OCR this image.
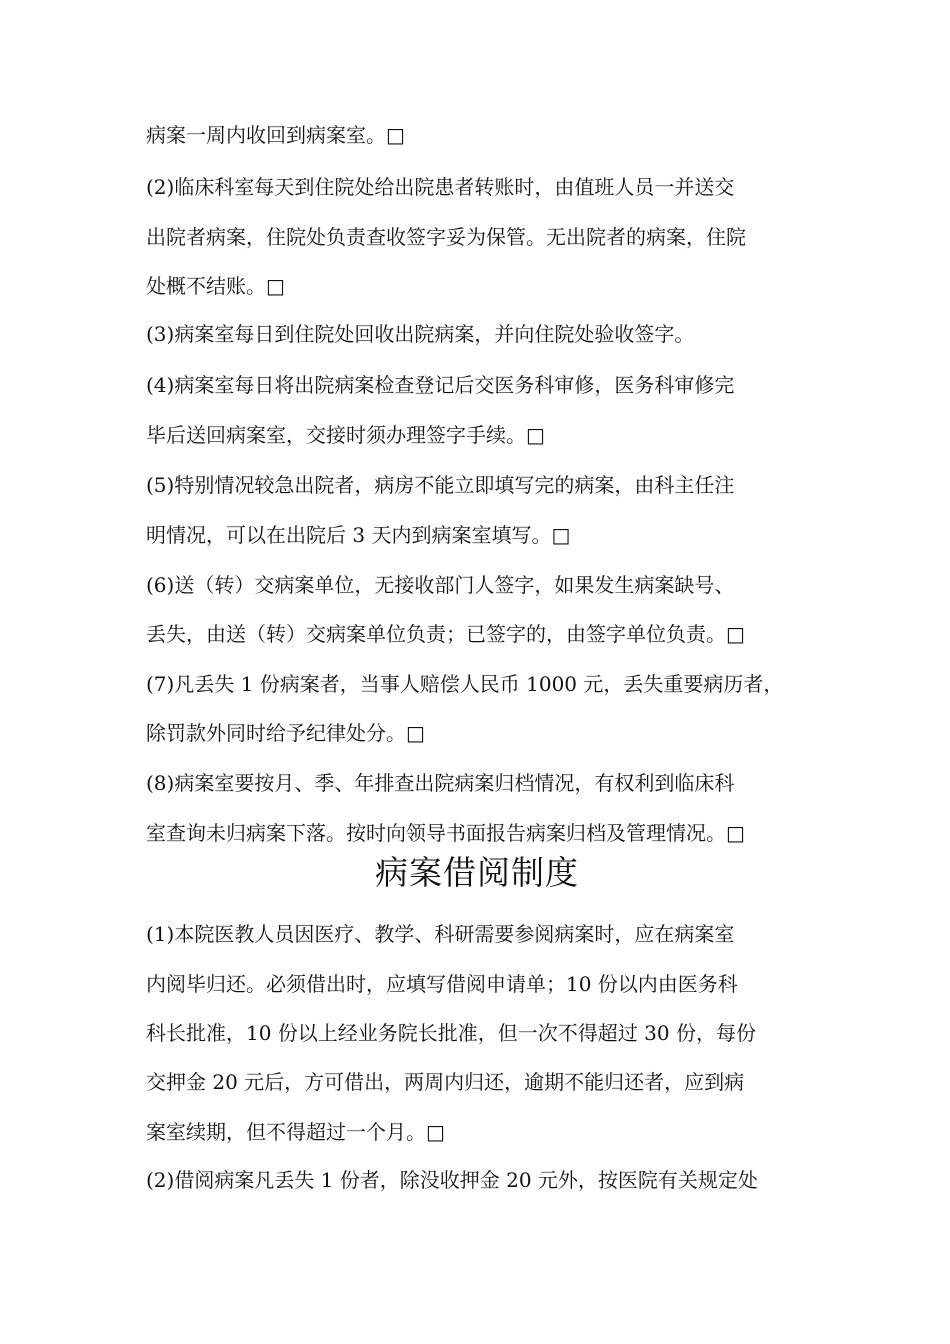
病案一周内收回到病案室。□
(2)临床科室每天到住院处给出院患者转账时，由值班人员一并送交
出院者病案，住院处负责查收签字妥为保管。无出院者的病案，住院
处概不结账。□
(3)病案室每日到住院处回收出院病案，并向住院处验收签字。
(4)病案室每日将出院病案检查登记后交医务科审修，医务科审修完
毕后送回病案室，交接时须办理签字手续。□
(5)特别情况较急出院者，病房不能立即填写完的病案，由科主任注
明情况，可以在出院后 3 天内到病案室填写。□
(6)送（转）交病案单位，无接收部门人签字，如果发生病案缺号、
丢失，由送（转）交病案单位负责；已签字的，由签字单位负责。□
(7)凡丢失 1 份病案者，当事人赔偿人民币 1000 元，丢失重要病历者，
除罚款外同时给予纪律处分。□
(8)病案室要按月、季、年排查出院病案归档情况，有权利到临床科
室查询未归病案下落。按时向领导书面报告病案归档及管理情况。□
病案借阅制度
(1)本院医教人员因医疗、教学、科研需要参阅病案时，应在病案室
内阅毕归还。必须借出时，应填写借阅申请单；10 份以内由医务科
科长批准，10 份以上经业务院长批准，但一次不得超过 30 份，每份
交押金 20 元后，方可借出，两周内归还，逾期不能归还者，应到病
案室续期，但不得超过一个月。□
(2)借阅病案凡丢失 1 份者，除没收押金 20 元外，按医院有关规定处
